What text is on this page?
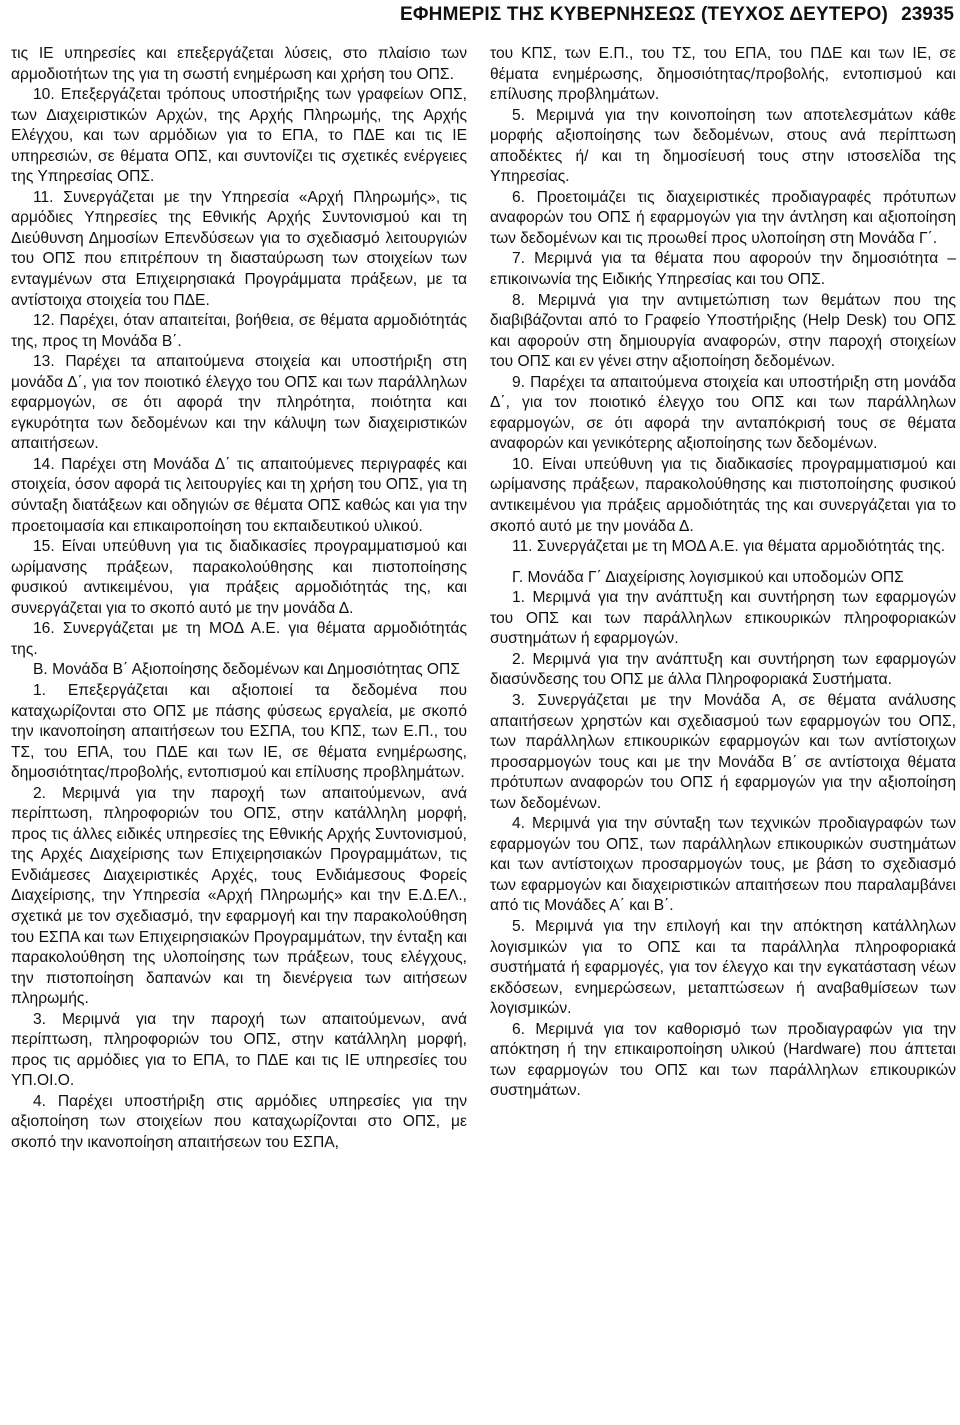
ΕΦΗΜΕΡΙΣ ΤΗΣ ΚΥΒΕΡΝΗΣΕΩΣ (ΤΕΥΧΟΣ ΔΕΥΤΕΡΟ) 23935

τις ΙΕ υπηρεσίες και επεξεργάζεται λύσεις, στο πλαίσιο των αρμοδιοτήτων της για τη σωστή ενημέρωση και χρήση του ΟΠΣ.

10. Επεξεργάζεται τρόπους υποστήριξης των γραφείων ΟΠΣ, των Διαχειριστικών Αρχών, της Αρχής Πληρωμής, της Αρχής Ελέγχου, και των αρμόδιων για το ΕΠΑ, το ΠΔΕ και τις ΙΕ υπηρεσιών, σε θέματα ΟΠΣ, και συντονίζει τις σχετικές ενέργειες της Υπηρεσίας ΟΠΣ.

11. Συνεργάζεται με την Υπηρεσία «Αρχή Πληρωμής», τις αρμόδιες Υπηρεσίες της Εθνικής Αρχής Συντονισμού και τη Διεύθυνση Δημοσίων Επενδύσεων για το σχεδιασμό λειτουργιών του ΟΠΣ που επιτρέπουν τη διασταύρωση των στοιχείων των ενταγμένων στα Επιχειρησιακά Προγράμματα πράξεων, με τα αντίστοιχα στοιχεία του ΠΔΕ.

12. Παρέχει, όταν απαιτείται, βοήθεια, σε θέματα αρμοδιότητάς της, προς τη Μονάδα Β΄.

13. Παρέχει τα απαιτούμενα στοιχεία και υποστήριξη στη μονάδα Δ΄, για τον ποιοτικό έλεγχο του ΟΠΣ και των παράλληλων εφαρμογών, σε ότι αφορά την πληρότητα, ποιότητα και εγκυρότητα των δεδομένων και την κάλυψη των διαχειριστικών απαιτήσεων.

14. Παρέχει στη Μονάδα Δ΄ τις απαιτούμενες περιγραφές και στοιχεία, όσον αφορά τις λειτουργίες και τη χρήση του ΟΠΣ, για τη σύνταξη διατάξεων και οδηγιών σε θέματα ΟΠΣ καθώς και για την προετοιμασία και επικαιροποίηση του εκπαιδευτικού υλικού.

15. Είναι υπεύθυνη για τις διαδικασίες προγραμματισμού και ωρίμανσης πράξεων, παρακολούθησης και πιστοποίησης φυσικού αντικειμένου, για πράξεις αρμοδιότητάς της, και συνεργάζεται για το σκοπό αυτό με την μονάδα Δ.

16. Συνεργάζεται με τη ΜΟΔ Α.Ε. για θέματα αρμοδιότητάς της.

Β. Μονάδα Β΄ Αξιοποίησης δεδομένων και Δημοσιότητας ΟΠΣ

1. Επεξεργάζεται και αξιοποιεί τα δεδομένα που καταχωρίζονται στο ΟΠΣ με πάσης φύσεως εργαλεία, με σκοπό την ικανοποίηση απαιτήσεων του ΕΣΠΑ, του ΚΠΣ, των Ε.Π., του ΤΣ, του ΕΠΑ, του ΠΔΕ και των ΙΕ, σε θέματα ενημέρωσης, δημοσιότητας/προβολής, εντοπισμού και επίλυσης προβλημάτων.

2. Μεριμνά για την παροχή των απαιτούμενων, ανά περίπτωση, πληροφοριών του ΟΠΣ, στην κατάλληλη μορφή, προς τις άλλες ειδικές υπηρεσίες της Εθνικής Αρχής Συντονισμού, της Αρχές Διαχείρισης των Επιχειρησιακών Προγραμμάτων, τις Ενδιάμεσες Διαχειριστικές Αρχές, τους Ενδιάμεσους Φορείς Διαχείρισης, την Υπηρεσία «Αρχή Πληρωμής» και την Ε.Δ.ΕΛ., σχετικά με τον σχεδιασμό, την εφαρμογή και την παρακολούθηση του ΕΣΠΑ και των Επιχειρησιακών Προγραμμάτων, την ένταξη και παρακολούθηση της υλοποίησης των πράξεων, τους ελέγχους, την πιστοποίηση δαπανών και τη διενέργεια των αιτήσεων πληρωμής.

3. Μεριμνά για την παροχή των απαιτούμενων, ανά περίπτωση, πληροφοριών του ΟΠΣ, στην κατάλληλη μορφή, προς τις αρμόδιες για το ΕΠΑ, το ΠΔΕ και τις ΙΕ υπηρεσίες του ΥΠ.ΟΙ.Ο.

4. Παρέχει υποστήριξη στις αρμόδιες υπηρεσίες για την αξιοποίηση των στοιχείων που καταχωρίζονται στο ΟΠΣ, με σκοπό την ικανοποίηση απαιτήσεων του ΕΣΠΑ,

του ΚΠΣ, των Ε.Π., του ΤΣ, του ΕΠΑ, του ΠΔΕ και των ΙΕ, σε θέματα ενημέρωσης, δημοσιότητας/προβολής, εντοπισμού και επίλυσης προβλημάτων.

5. Μεριμνά για την κοινοποίηση των αποτελεσμάτων κάθε μορφής αξιοποίησης των δεδομένων, στους ανά περίπτωση αποδέκτες ή/ και τη δημοσίευσή τους στην ιστοσελίδα της Υπηρεσίας.

6. Προετοιμάζει τις διαχειριστικές προδιαγραφές πρότυπων αναφορών του ΟΠΣ ή εφαρμογών για την άντληση και αξιοποίηση των δεδομένων και τις προωθεί προς υλοποίηση στη Μονάδα Γ΄.

7. Μεριμνά για τα θέματα που αφορούν την δημοσιότητα – επικοινωνία της Ειδικής Υπηρεσίας και του ΟΠΣ.

8. Μεριμνά για την αντιμετώπιση των θεμάτων που της διαβιβάζονται από το Γραφείο Υποστήριξης (Help Desk) του ΟΠΣ και αφορούν στη δημιουργία αναφορών, στην παροχή στοιχείων του ΟΠΣ και εν γένει στην αξιοποίηση δεδομένων.

9. Παρέχει τα απαιτούμενα στοιχεία και υποστήριξη στη μονάδα Δ΄, για τον ποιοτικό έλεγχο του ΟΠΣ και των παράλληλων εφαρμογών, σε ότι αφορά την ανταπόκρισή τους σε θέματα αναφορών και γενικότερης αξιοποίησης των δεδομένων.

10. Είναι υπεύθυνη για τις διαδικασίες προγραμματισμού και ωρίμανσης πράξεων, παρακολούθησης και πιστοποίησης φυσικού αντικειμένου για πράξεις αρμοδιότητάς της και συνεργάζεται για το σκοπό αυτό με την μονάδα Δ.

11. Συνεργάζεται με τη ΜΟΔ Α.Ε. για θέματα αρμοδιότητάς της.

Γ. Μονάδα Γ΄ Διαχείρισης λογισμικού και υποδομών ΟΠΣ

1. Μεριμνά για την ανάπτυξη και συντήρηση των εφαρμογών του ΟΠΣ και των παράλληλων επικουρικών πληροφοριακών συστημάτων ή εφαρμογών.

2. Μεριμνά για την ανάπτυξη και συντήρηση των εφαρμογών διασύνδεσης του ΟΠΣ με άλλα Πληροφοριακά Συστήματα.

3. Συνεργάζεται με την Μονάδα Α, σε θέματα ανάλυσης απαιτήσεων χρηστών και σχεδιασμού των εφαρμογών του ΟΠΣ, των παράλληλων επικουρικών εφαρμογών και των αντίστοιχων προσαρμογών τους και με την Μονάδα Β΄ σε αντίστοιχα θέματα πρότυπων αναφορών του ΟΠΣ ή εφαρμογών για την αξιοποίηση των δεδομένων.

4. Μεριμνά για την σύνταξη των τεχνικών προδιαγραφών των εφαρμογών του ΟΠΣ, των παράλληλων επικουρικών συστημάτων και των αντίστοιχων προσαρμογών τους, με βάση το σχεδιασμό των εφαρμογών και διαχειριστικών απαιτήσεων που παραλαμβάνει από τις Μονάδες Α΄ και Β΄.

5. Μεριμνά για την επιλογή και την απόκτηση κατάλληλων λογισμικών για το ΟΠΣ και τα παράλληλα πληροφοριακά συστήματά ή εφαρμογές, για τον έλεγχο και την εγκατάσταση νέων εκδόσεων, ενημερώσεων, μεταπτώσεων ή αναβαθμίσεων των λογισμικών.

6. Μεριμνά για τον καθορισμό των προδιαγραφών για την απόκτηση ή την επικαιροποίηση υλικού (Hardware) που άπτεται των εφαρμογών του ΟΠΣ και των παράλληλων επικουρικών συστημάτων.
